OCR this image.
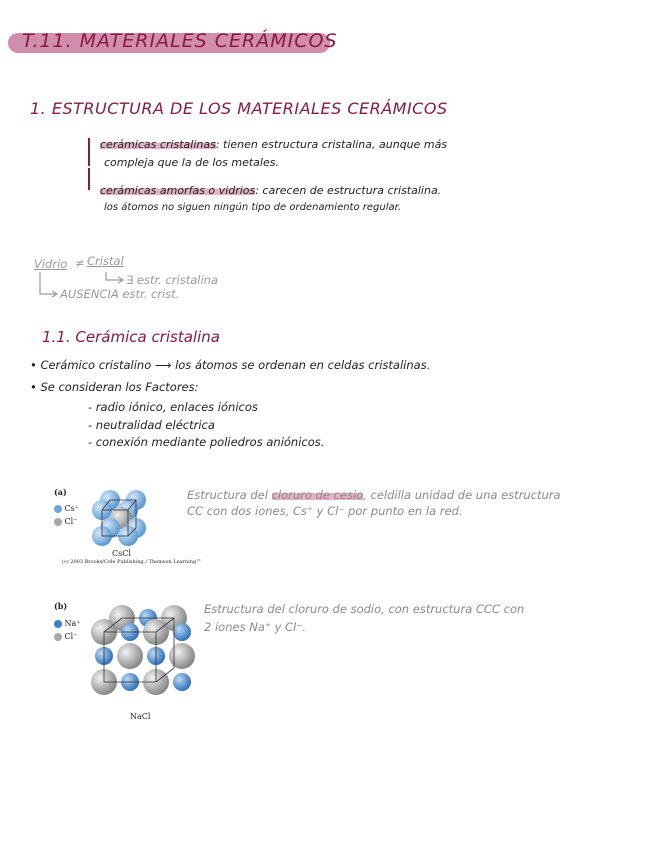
T.11. MATERIALES CERÁMICOS
1. ESTRUCTURA DE LOS MATERIALES CERÁMICOS
cerámicas cristalinas: tienen estructura cristalina, aunque más
compleja que la de los metales.
cerámicas amorfas o vidrios: carecen de estructura cristalina.
los átomos no siguen ningún tipo de ordenamiento regular.
Vidrio ≠ Cristal
∃ estr. cristalina
AUSENCIA estr. crist.
1.1. Cerámica cristalina
• Cerámico cristalino ⟶ los átomos se ordenan en celdas cristalinas.
• Se consideran los Factores:
- radio iónico, enlaces iónicos
- neutralidad eléctrica
- conexión mediante poliedros aniónicos.
(a)
Cs⁺
Cl⁻
CsCl
(c) 2003 Brooks/Cole Publishing / Thomson Learning™
Estructura del cloruro de cesio, celdilla unidad de una estructura
CC con dos iones, Cs⁺ y Cl⁻ por punto en la red.
(b)
Na⁺
Cl⁻
NaCl
Estructura del cloruro de sodio, con estructura CCC con
2 iones Na⁺ y Cl⁻.
